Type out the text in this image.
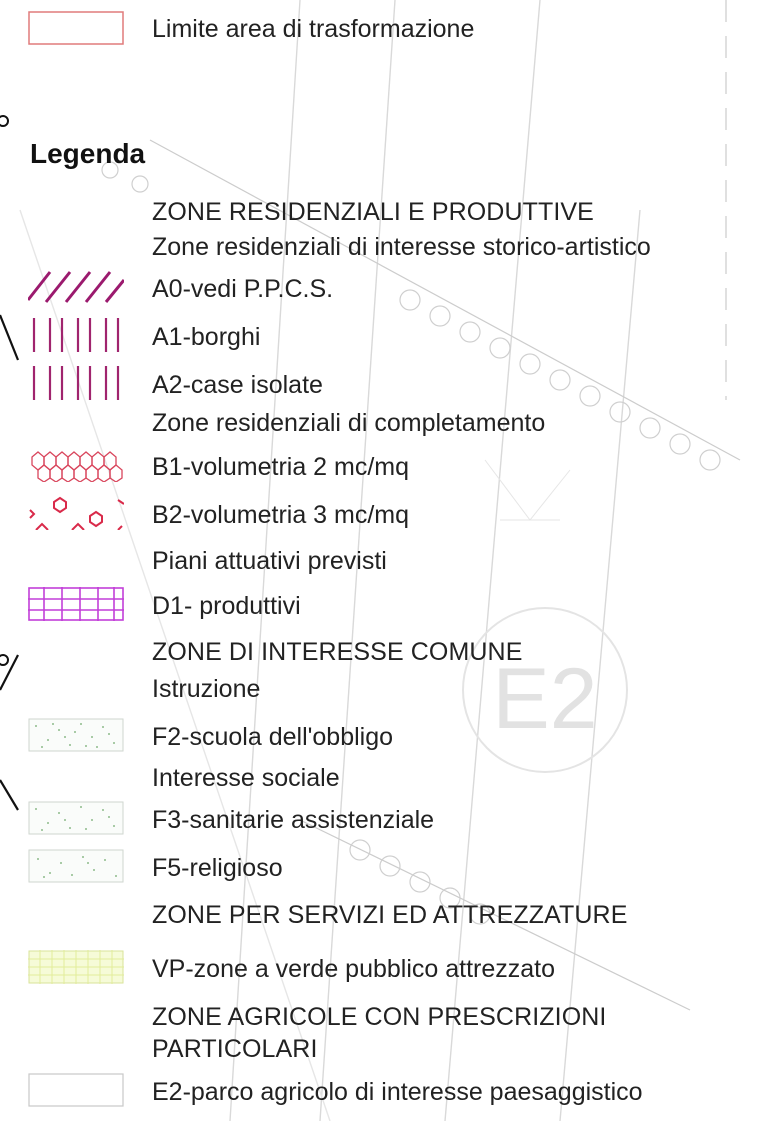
E2
Limite area di trasformazione
Legenda
ZONE RESIDENZIALI E PRODUTTIVE
Zone residenziali di interesse storico-artistico
A0-vedi P.P.C.S.
A1-borghi
A2-case isolate
Zone residenziali di completamento
B1-volumetria 2 mc/mq
B2-volumetria 3 mc/mq
Piani attuativi previsti
D1- produttivi
ZONE DI INTERESSE COMUNE
Istruzione
F2-scuola dell'obbligo
Interesse sociale
F3-sanitarie assistenziale
F5-religioso
ZONE PER SERVIZI ED ATTREZZATURE
VP-zone a verde pubblico attrezzato
ZONE AGRICOLE CON PRESCRIZIONI
PARTICOLARI
E2-parco agricolo di interesse paesaggistico
